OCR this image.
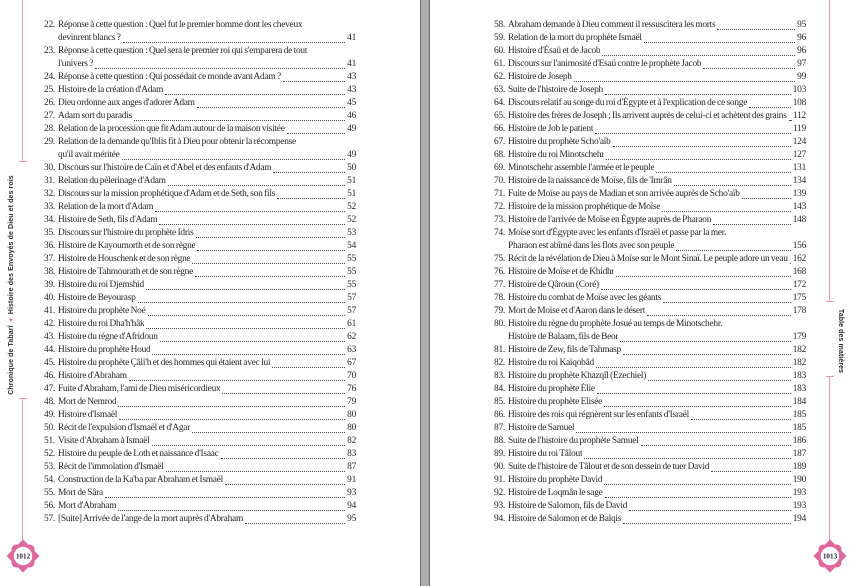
22. Réponse à cette question : Quel fut le premier homme dont les cheveux
devinrent blancs ?	41
23. Réponse à cette question : Quel sera le premier roi qui s'emparera de tout
l'univers ?	41
24. Réponse à cette question : Qui possédait ce monde avant Adam ?	43
25. Histoire de la création d'Adam	43
26. Dieu ordonne aux anges d'adorer Adam	45
27. Adam sort du paradis	46
28. Relation de la procession que fit Adam autour de la maison visitée	49
29. Relation de la demande qu'Iblis fit à Dieu pour obtenir la récompense
qu'il avait méritée	49
30. Discours sur l'histoire de Caïn et d'Abel et des enfants d'Adam	50
31. Relation du pèlerinage d'Adam	51
32. Discours sur la mission prophétique d'Adam et de Seth, son fils	51
33. Relation de la mort d'Adam	52
34. Histoire de Seth, fils d'Adam	52
35. Discours sur l'histoire du prophète Idris	53
36. Histoire de Kayoumorth et de son règne	54
37. Histoire de Houschenk et de son règne	55
38. Histoire de Tahmourath et de son règne	55
39. Histoire du roi Djemshid	55
40. Histoire de Beyourasp	57
41. Histoire du prophète Noé	57
42. Histoire du roi Dha'h'hâk	61
43. Histoire du règne d'Afridoun	62
44. Histoire du prophète Houd	63
45. Histoire du prophète Çâli'h et des hommes qui étaient avec lui	67
46. Histoire d'Abraham	70
47. Fuite d'Abraham, l'ami de Dieu miséricordieux	76
48. Mort de Nemrod	79
49. Histoire d'Ismaël	80
50. Récit de l'expulsion d'Ismaël et d'Agar	80
51. Visite d'Abraham à Ismaël	82
52. Histoire du peuple de Loth et naissance d'Isaac	83
53. Récit de l'immolation d'Ismaël	87
54. Construction de la Ka'ba par Abraham et Ismaël	91
55. Mort de Sâra	93
56. Mort d'Abraham	94
57. [Suite] Arrivée de l'ange de la mort auprès d'Abraham	95
58. Abraham demande à Dieu comment il ressuscitera les morts	95
59. Relation de la mort du prophète Ismaël	96
60. Histoire d'Ésaü et de Jacob	96
61. Discours sur l'animosité d'Esaü contre le prophète Jacob	97
62. Histoire de Joseph	99
63. Suite de l'histoire de Joseph	103
64. Discours relatif au songe du roi d'Égypte et à l'explication de ce songe	108
65. Histoire des frères de Joseph ; Ils arrivent auprès de celui-ci et achètent des grains 112
66. Histoire de Job le patient	119
67. Histoire du prophète Scho'aïb	124
68. Histoire du roi Minotschehr	127
69. Minotschehr assemble l'armée et le peuple	131
70. Histoire de la naissance de Moïse, fils de 'Imrân	134
71. Fuite de Moïse au pays de Madian et son arrivée auprès de Scho'aïb	139
72. Histoire de la mission prophétique de Moïse	143
73. Histoire de l'arrivée de Moïse en Égypte auprès de Pharaon	148
74. Moïse sort d'Égypte avec les enfants d'Israël et passe par la mer.
Pharaon est abîmé dans les flots avec son peuple	156
75. Récit de la révélation de Dieu à Moïse sur le Mont Sinaï. Le peuple adore un veau 162
76. Histoire de Moïse et de Khidhr	168
77. Histoire de Qâroun (Coré)	172
78. Histoire du combat de Moïse avec les géants	175
79. Mort de Moïse et d'Aaron dans le désert	178
80. Histoire du règne du prophète Josué au temps de Minotschehr.
Histoire de Balaam, fils de Beor	179
81. Histoire de Zew, fils de Tahmasp	182
82. Histoire du roi Kaïqobâd	182
83. Histoire du prophète Khazqîl (Ezechiel)	183
84. Histoire du prophète Élie	183
85. Histoire du prophète Elisée	184
86. Histoire des rois qui régnèrent sur les enfants d'Israël	185
87. Histoire de Samuel	185
88. Suite de l'histoire du prophète Samuel	186
89. Histoire du roi Tâlout	187
90. Suite de l'histoire de Tâlout et de son dessein de tuer David	189
91. Histoire du prophète David	190
92. Histoire de Loqmân le sage	193
93. Histoire de Salomon, fils de David	193
94. Histoire de Salomon et de Balqis	194
Chronique de Tabarî✦Histoire des Envoyés de Dieu et des rois
Table des matières
1012	1013
